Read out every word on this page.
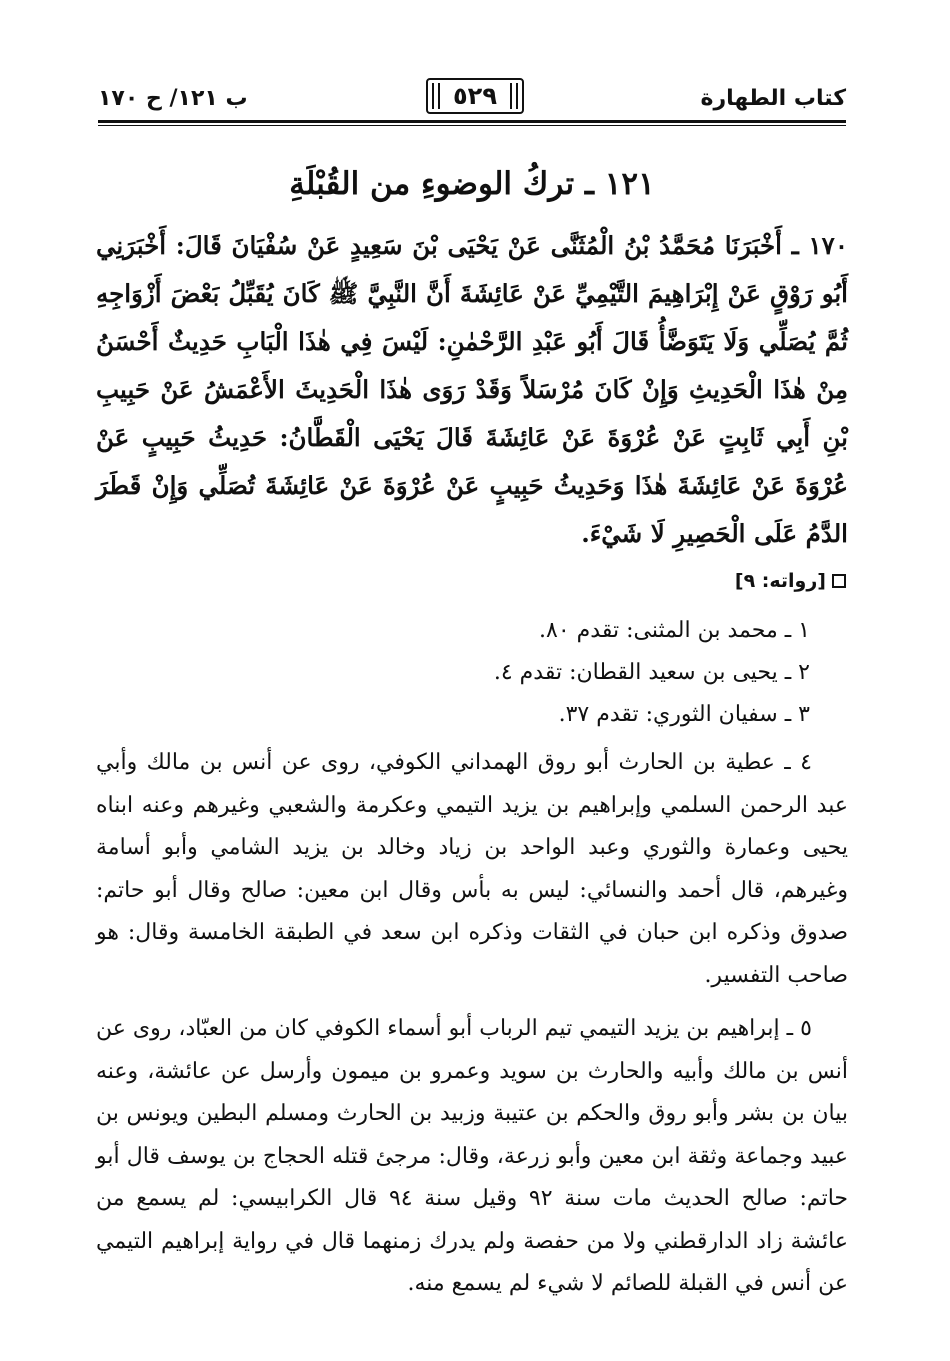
كتاب الطهارة
٥٢٩
ب ١٢١/ ح ١٧٠
١٢١ ـ تركُ الوضوءِ من القُبْلَةِ

١٧٠ ـ أَخْبَرَنَا مُحَمَّدُ بْنُ الْمُثَنَّى عَنْ يَحْيَى بْنَ سَعِيدٍ عَنْ سُفْيَانَ قَالَ: أَخْبَرَنِي أَبُو رَوْقٍ عَنْ إِبْرَاهِيمَ التَّيْمِيِّ عَنْ عَائِشَةَ أَنَّ النَّبِيَّ ﷺ كَانَ يُقَبِّلُ بَعْضَ أَزْوَاجِهِ ثُمَّ يُصَلِّي وَلَا يَتَوَضَّأُ قَالَ أَبُو عَبْدِ الرَّحْمٰنِ: لَيْسَ فِي هٰذَا الْبَابِ حَدِيثٌ أَحْسَنُ مِنْ هٰذَا الْحَدِيثِ وَإِنْ كَانَ مُرْسَلاً وَقَدْ رَوَى هٰذَا الْحَدِيثَ الأَعْمَشُ عَنْ حَبِيبِ بْنِ أَبِي ثَابِتٍ عَنْ عُرْوَةَ عَنْ عَائِشَةَ قَالَ يَحْيَى الْقَطَّانُ: حَدِيثُ حَبِيبٍ عَنْ عُرْوَةَ عَنْ عَائِشَةَ هٰذَا وَحَدِيثُ حَبِيبٍ عَنْ عُرْوَةَ عَنْ عَائِشَةَ تُصَلِّي وَإِنْ قَطَرَ الدَّمُ عَلَى الْحَصِيرِ لَا شَيْءَ.

[رواته: ٩]
١ ـ محمد بن المثنى: تقدم ٨٠.
٢ ـ يحيى بن سعيد القطان: تقدم ٤.
٣ ـ سفيان الثوري: تقدم ٣٧.

٤ ـ عطية بن الحارث أبو روق الهمداني الكوفي، روى عن أنس بن مالك وأبي عبد الرحمن السلمي وإبراهيم بن يزيد التيمي وعكرمة والشعبي وغيرهم وعنه ابناه يحيى وعمارة والثوري وعبد الواحد بن زياد وخالد بن يزيد الشامي وأبو أسامة وغيرهم، قال أحمد والنسائي: ليس به بأس وقال ابن معين: صالح وقال أبو حاتم: صدوق وذكره ابن حبان في الثقات وذكره ابن سعد في الطبقة الخامسة وقال: هو صاحب التفسير.

٥ ـ إبراهيم بن يزيد التيمي تيم الرباب أبو أسماء الكوفي كان من العبّاد، روى عن أنس بن مالك وأبيه والحارث بن سويد وعمرو بن ميمون وأرسل عن عائشة، وعنه بيان بن بشر وأبو روق والحكم بن عتيبة وزبيد بن الحارث ومسلم البطين ويونس بن عبيد وجماعة وثقة ابن معين وأبو زرعة، وقال: مرجئ قتله الحجاج بن يوسف قال أبو حاتم: صالح الحديث مات سنة ٩٢ وقيل سنة ٩٤ قال الكرابيسي: لم يسمع من عائشة زاد الدارقطني ولا من حفصة ولم يدرك زمنهما قال في رواية إبراهيم التيمي عن أنس في القبلة للصائم لا شيء لم يسمع منه.
